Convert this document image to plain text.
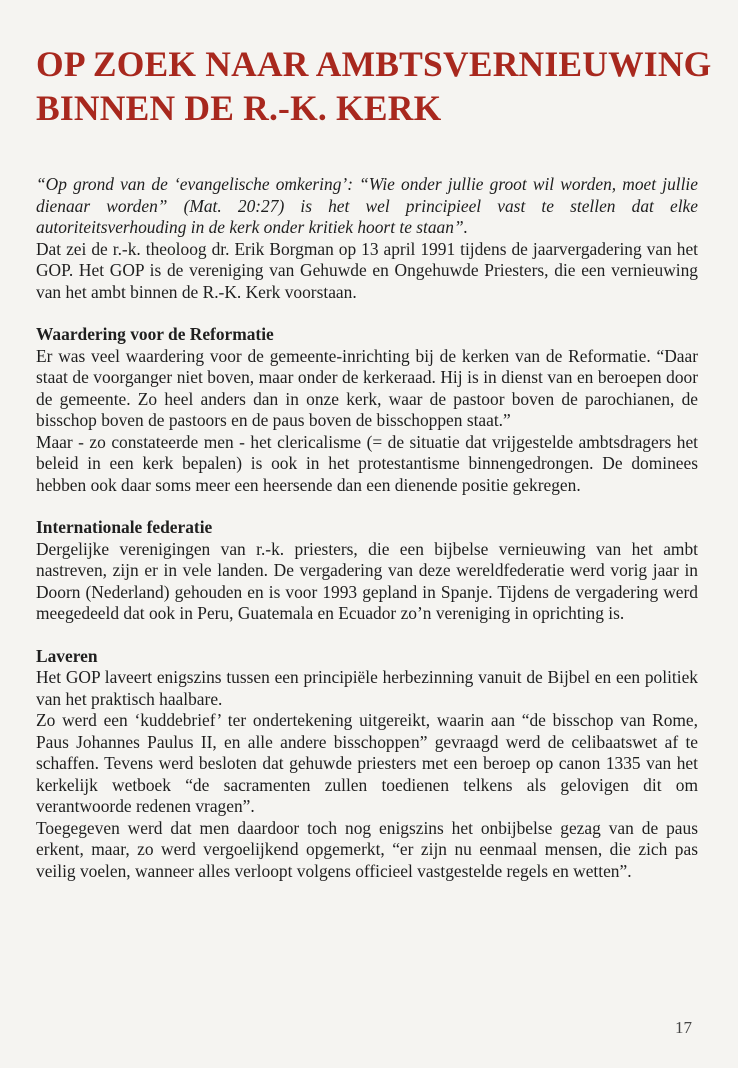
OP ZOEK NAAR AMBTSVERNIEUWING
BINNEN DE R.-K. KERK

“Op grond van de ‘evangelische omkering’: “Wie onder jullie groot wil worden, moet jullie dienaar worden” (Mat. 20:27) is het wel principieel vast te stellen dat elke autoriteitsverhouding in de kerk onder kritiek hoort te staan”.

Dat zei de r.-k. theoloog dr. Erik Borgman op 13 april 1991 tijdens de jaarvergadering van het GOP. Het GOP is de vereniging van Gehuwde en Ongehuwde Priesters, die een vernieuwing van het ambt binnen de R.-K. Kerk voorstaan.

Waardering voor de Reformatie

Er was veel waardering voor de gemeente-inrichting bij de kerken van de Reformatie. “Daar staat de voorganger niet boven, maar onder de kerkeraad. Hij is in dienst van en beroepen door de gemeente. Zo heel anders dan in onze kerk, waar de pastoor boven de parochianen, de bisschop boven de pastoors en de paus boven de bisschoppen staat.”

Maar - zo constateerde men - het clericalisme (= de situatie dat vrijgestelde ambtsdragers het beleid in een kerk bepalen) is ook in het protestantisme binnengedrongen. De dominees hebben ook daar soms meer een heersende dan een dienende positie gekregen.

Internationale federatie

Dergelijke verenigingen van r.-k. priesters, die een bijbelse vernieuwing van het ambt nastreven, zijn er in vele landen. De vergadering van deze wereldfederatie werd vorig jaar in Doorn (Nederland) gehouden en is voor 1993 gepland in Spanje. Tijdens de vergadering werd meegedeeld dat ook in Peru, Guatemala en Ecuador zo’n vereniging in oprichting is.

Laveren

Het GOP laveert enigszins tussen een principiële herbezinning vanuit de Bijbel en een politiek van het praktisch haalbare.

Zo werd een ‘kuddebrief’ ter ondertekening uitgereikt, waarin aan “de bisschop van Rome, Paus Johannes Paulus II, en alle andere bisschoppen” gevraagd werd de celibaatswet af te schaffen. Tevens werd besloten dat gehuwde priesters met een beroep op canon 1335 van het kerkelijk wetboek “de sacramenten zullen toedienen telkens als gelovigen dit om verantwoorde redenen vragen”.

Toegegeven werd dat men daardoor toch nog enigszins het onbijbelse gezag van de paus erkent, maar, zo werd vergoelijkend opgemerkt, “er zijn nu eenmaal mensen, die zich pas veilig voelen, wanneer alles verloopt volgens officieel vastgestelde regels en wetten”.

17
